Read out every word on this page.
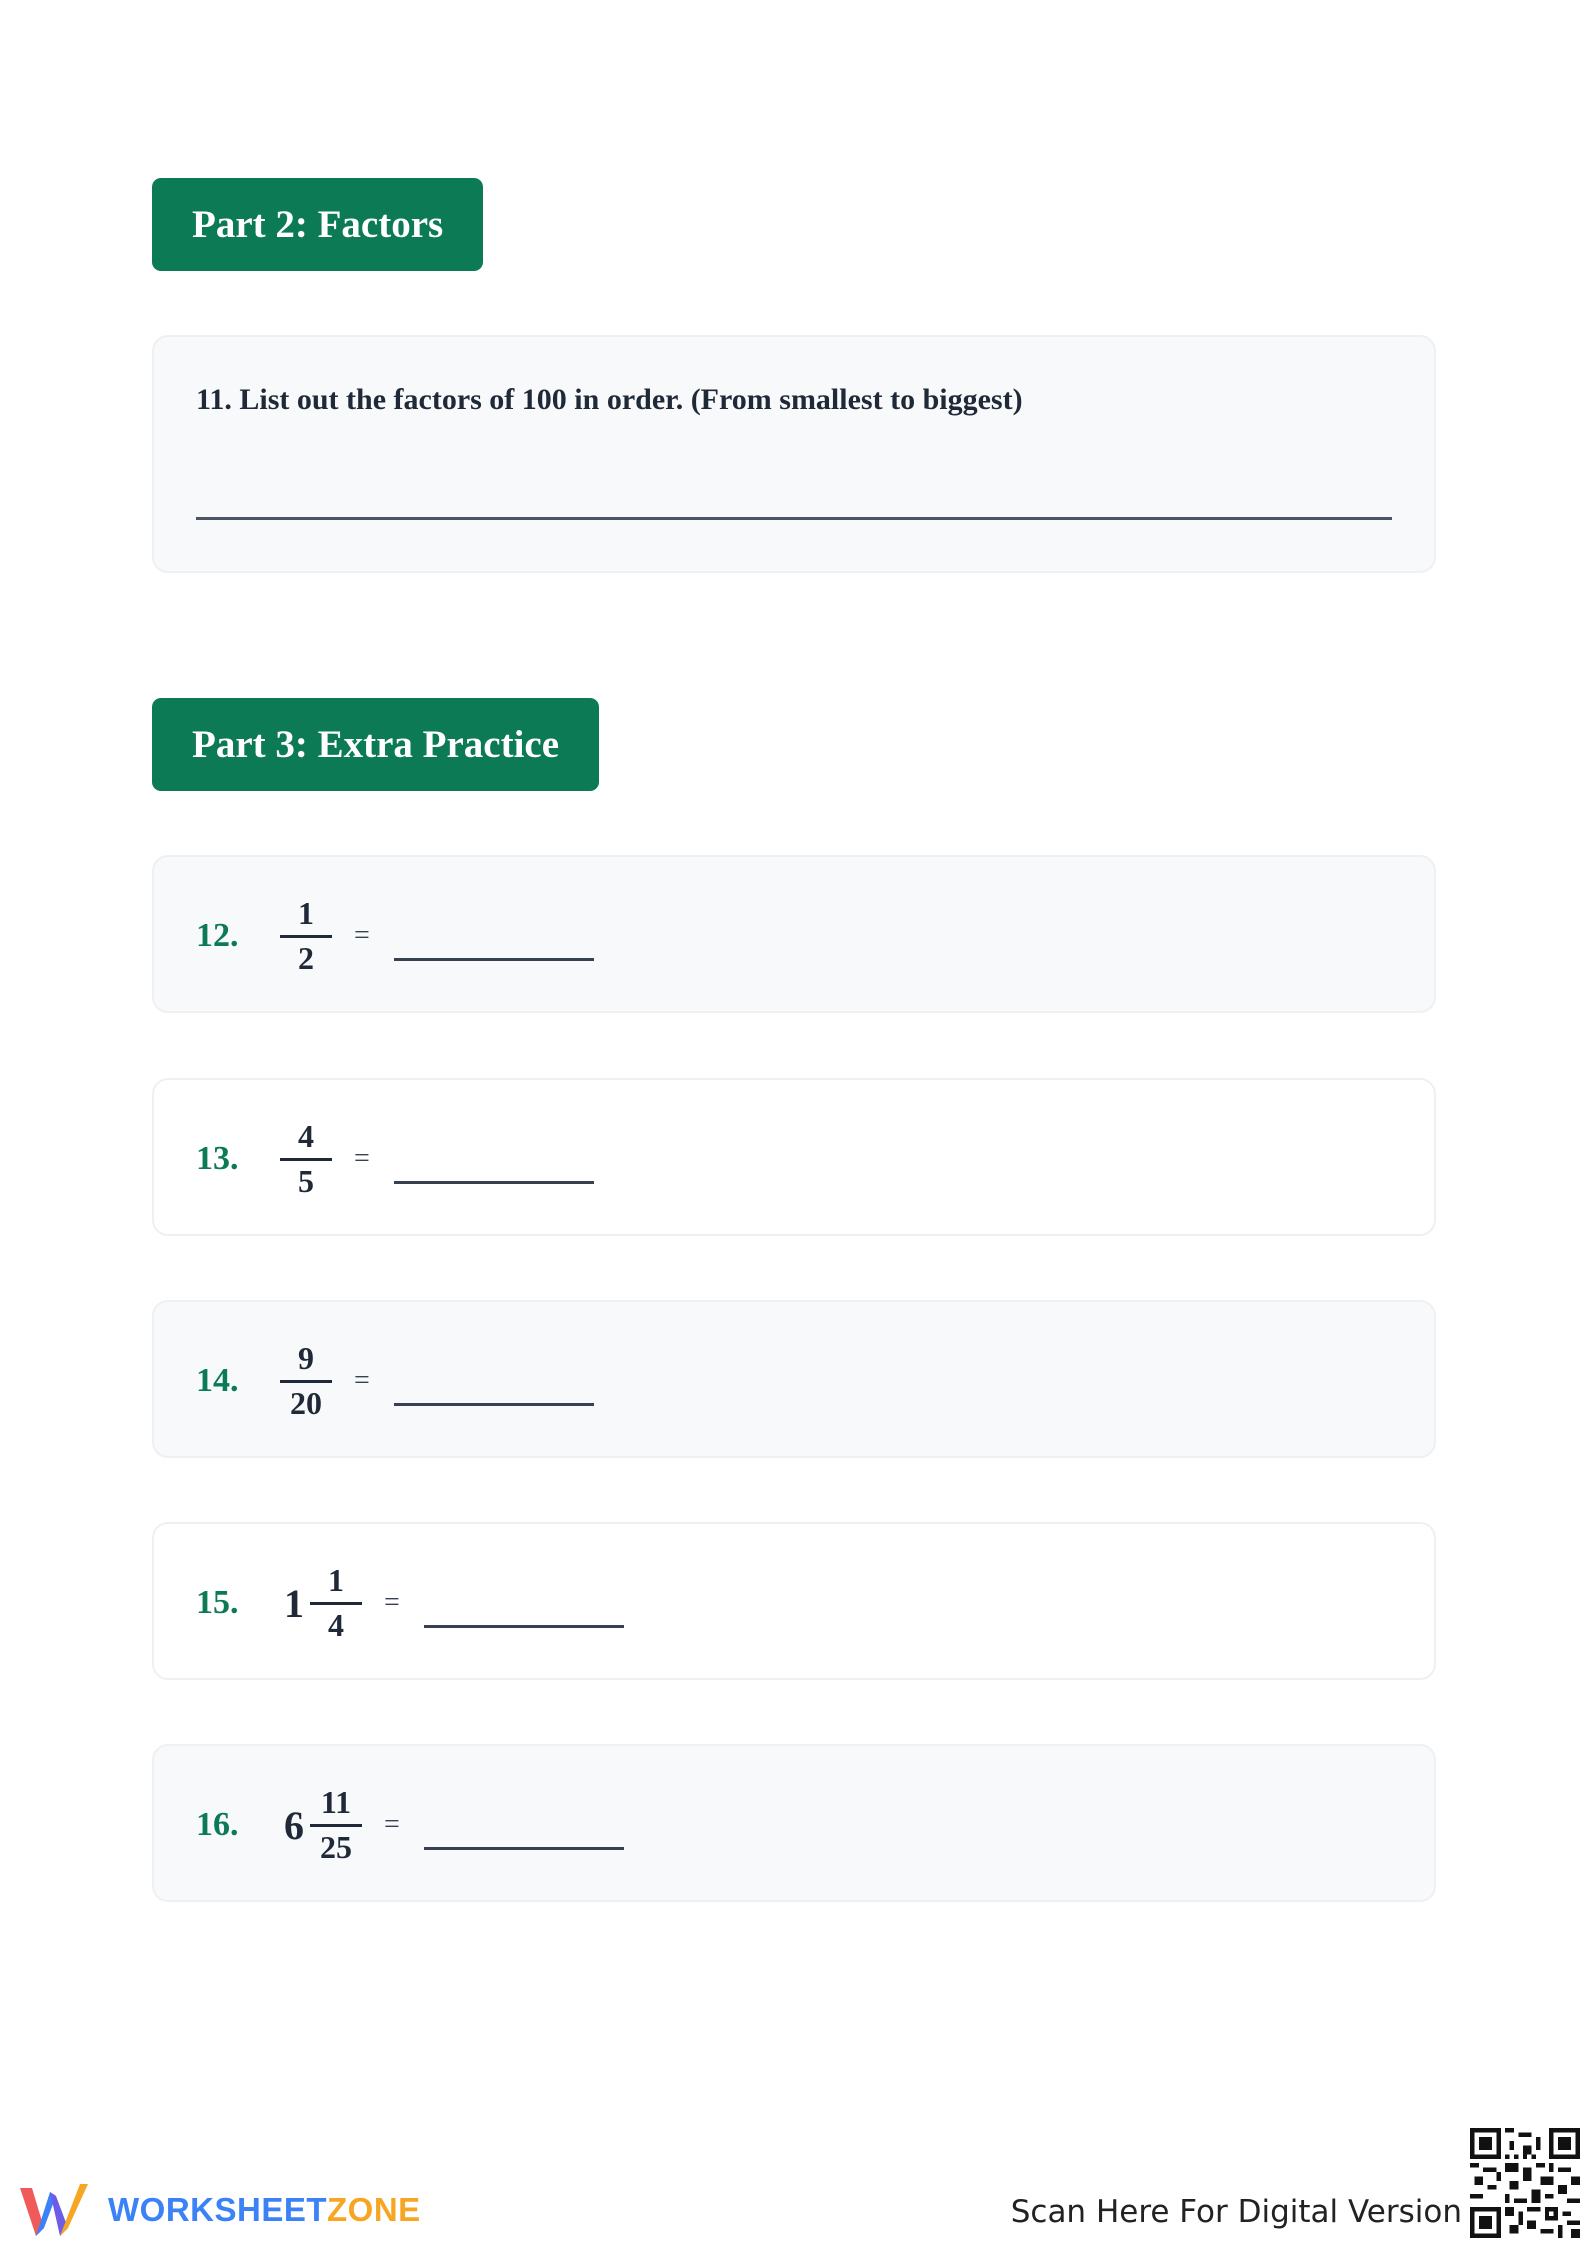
Part 2: Factors
11. List out the factors of 100 in order. (From smallest to biggest)
Part 3: Extra Practice
12. $\frac{1}{2}$ =
13. $\frac{4}{5}$ =
14. $\frac{9}{20}$ =
15. $1 \frac{1}{4}$ =
16. $6 \frac{11}{25}$ =
WORKSHEETZONE	Scan Here For Digital Version
